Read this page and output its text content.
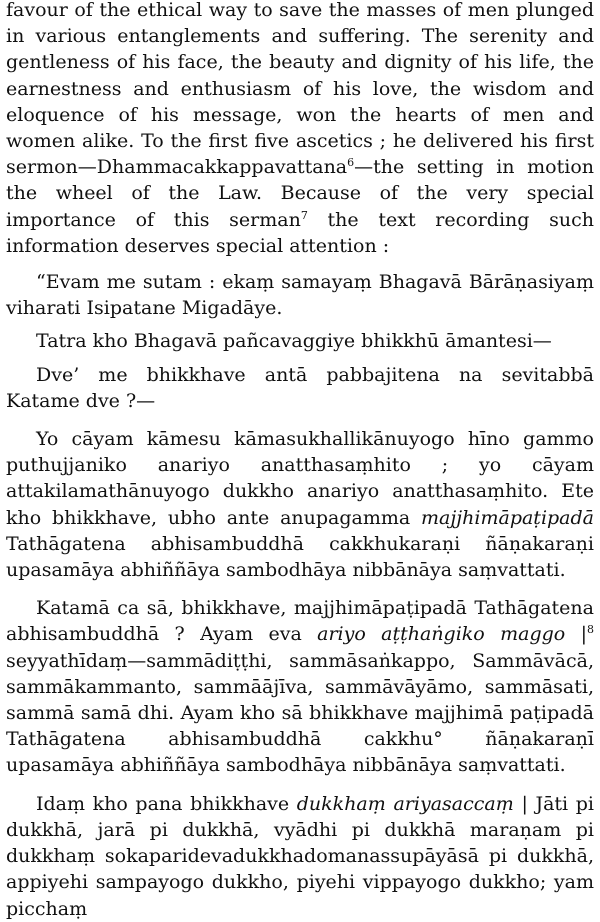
favour of the ethical way to save the masses of men plunged in various entanglements and suffering. The serenity and gentleness of his face, the beauty and dignity of his life, the earnestness and enthusiasm of his love, the wisdom and eloquence of his message, won the hearts of men and women alike. To the first five ascetics ; he delivered his first sermon—Dhammacakkappavattana$^6$—the setting in motion the wheel of the Law. Because of the very special importance of this serman$^7$ the text recording such information deserves special attention :

“Evam me sutam : ekaṃ samayaṃ Bhagavā Bārāṇasiyaṃ viharati Isipatane Migadāye.

Tatra kho Bhagavā pañcavaggiye bhikkhū āmantesi—

Dve’ me bhikkhave antā pabbajitena na sevitabbā Katame dve ?—

Yo cāyam kāmesu kāmasukhallikānuyogo hīno gammo puthujjaniko anariyo anatthasaṃhito ; yo cāyam attakilamathānuyogo dukkho anariyo anatthasaṃhito. Ete kho bhikkhave, ubho ante anupagamma majjhimāpaṭipadā Tathāgatena abhisambuddhā cakkhukaraṇi ñāṇakaraṇi upasamāya abhiññāya sambodhāya nibbānāya saṃvattati.

Katamā ca sā, bhikkhave, majjhimāpaṭipadā Tathāgatena abhisambuddhā ? Ayam eva ariyo aṭṭhaṅgiko maggo $|^8$ seyyathīdaṃ—sammādiṭṭhi, sammāsaṅkappo, Sammāvācā, sammākammanto, sammāājīva, sammāvāyāmo, sammāsati, sammā samā dhi. Ayam kho sā bhikkhave majjhimā paṭipadā Tathāgatena abhisambuddhā cakkhu° ñāṇakaraṇī upasamāya abhiññāya sambodhāya nibbānāya saṃvattati.

Idaṃ kho pana bhikkhave dukkhaṃ ariyasaccaṃ | Jāti pi dukkhā, jarā pi dukkhā, vyādhi pi dukkhā maraṇam pi dukkhaṃ sokaparidevadukkhadomanassupāyāsā pi dukkhā, appiyehi sampayogo dukkho, piyehi vippayogo dukkho; yam picchaṃ
